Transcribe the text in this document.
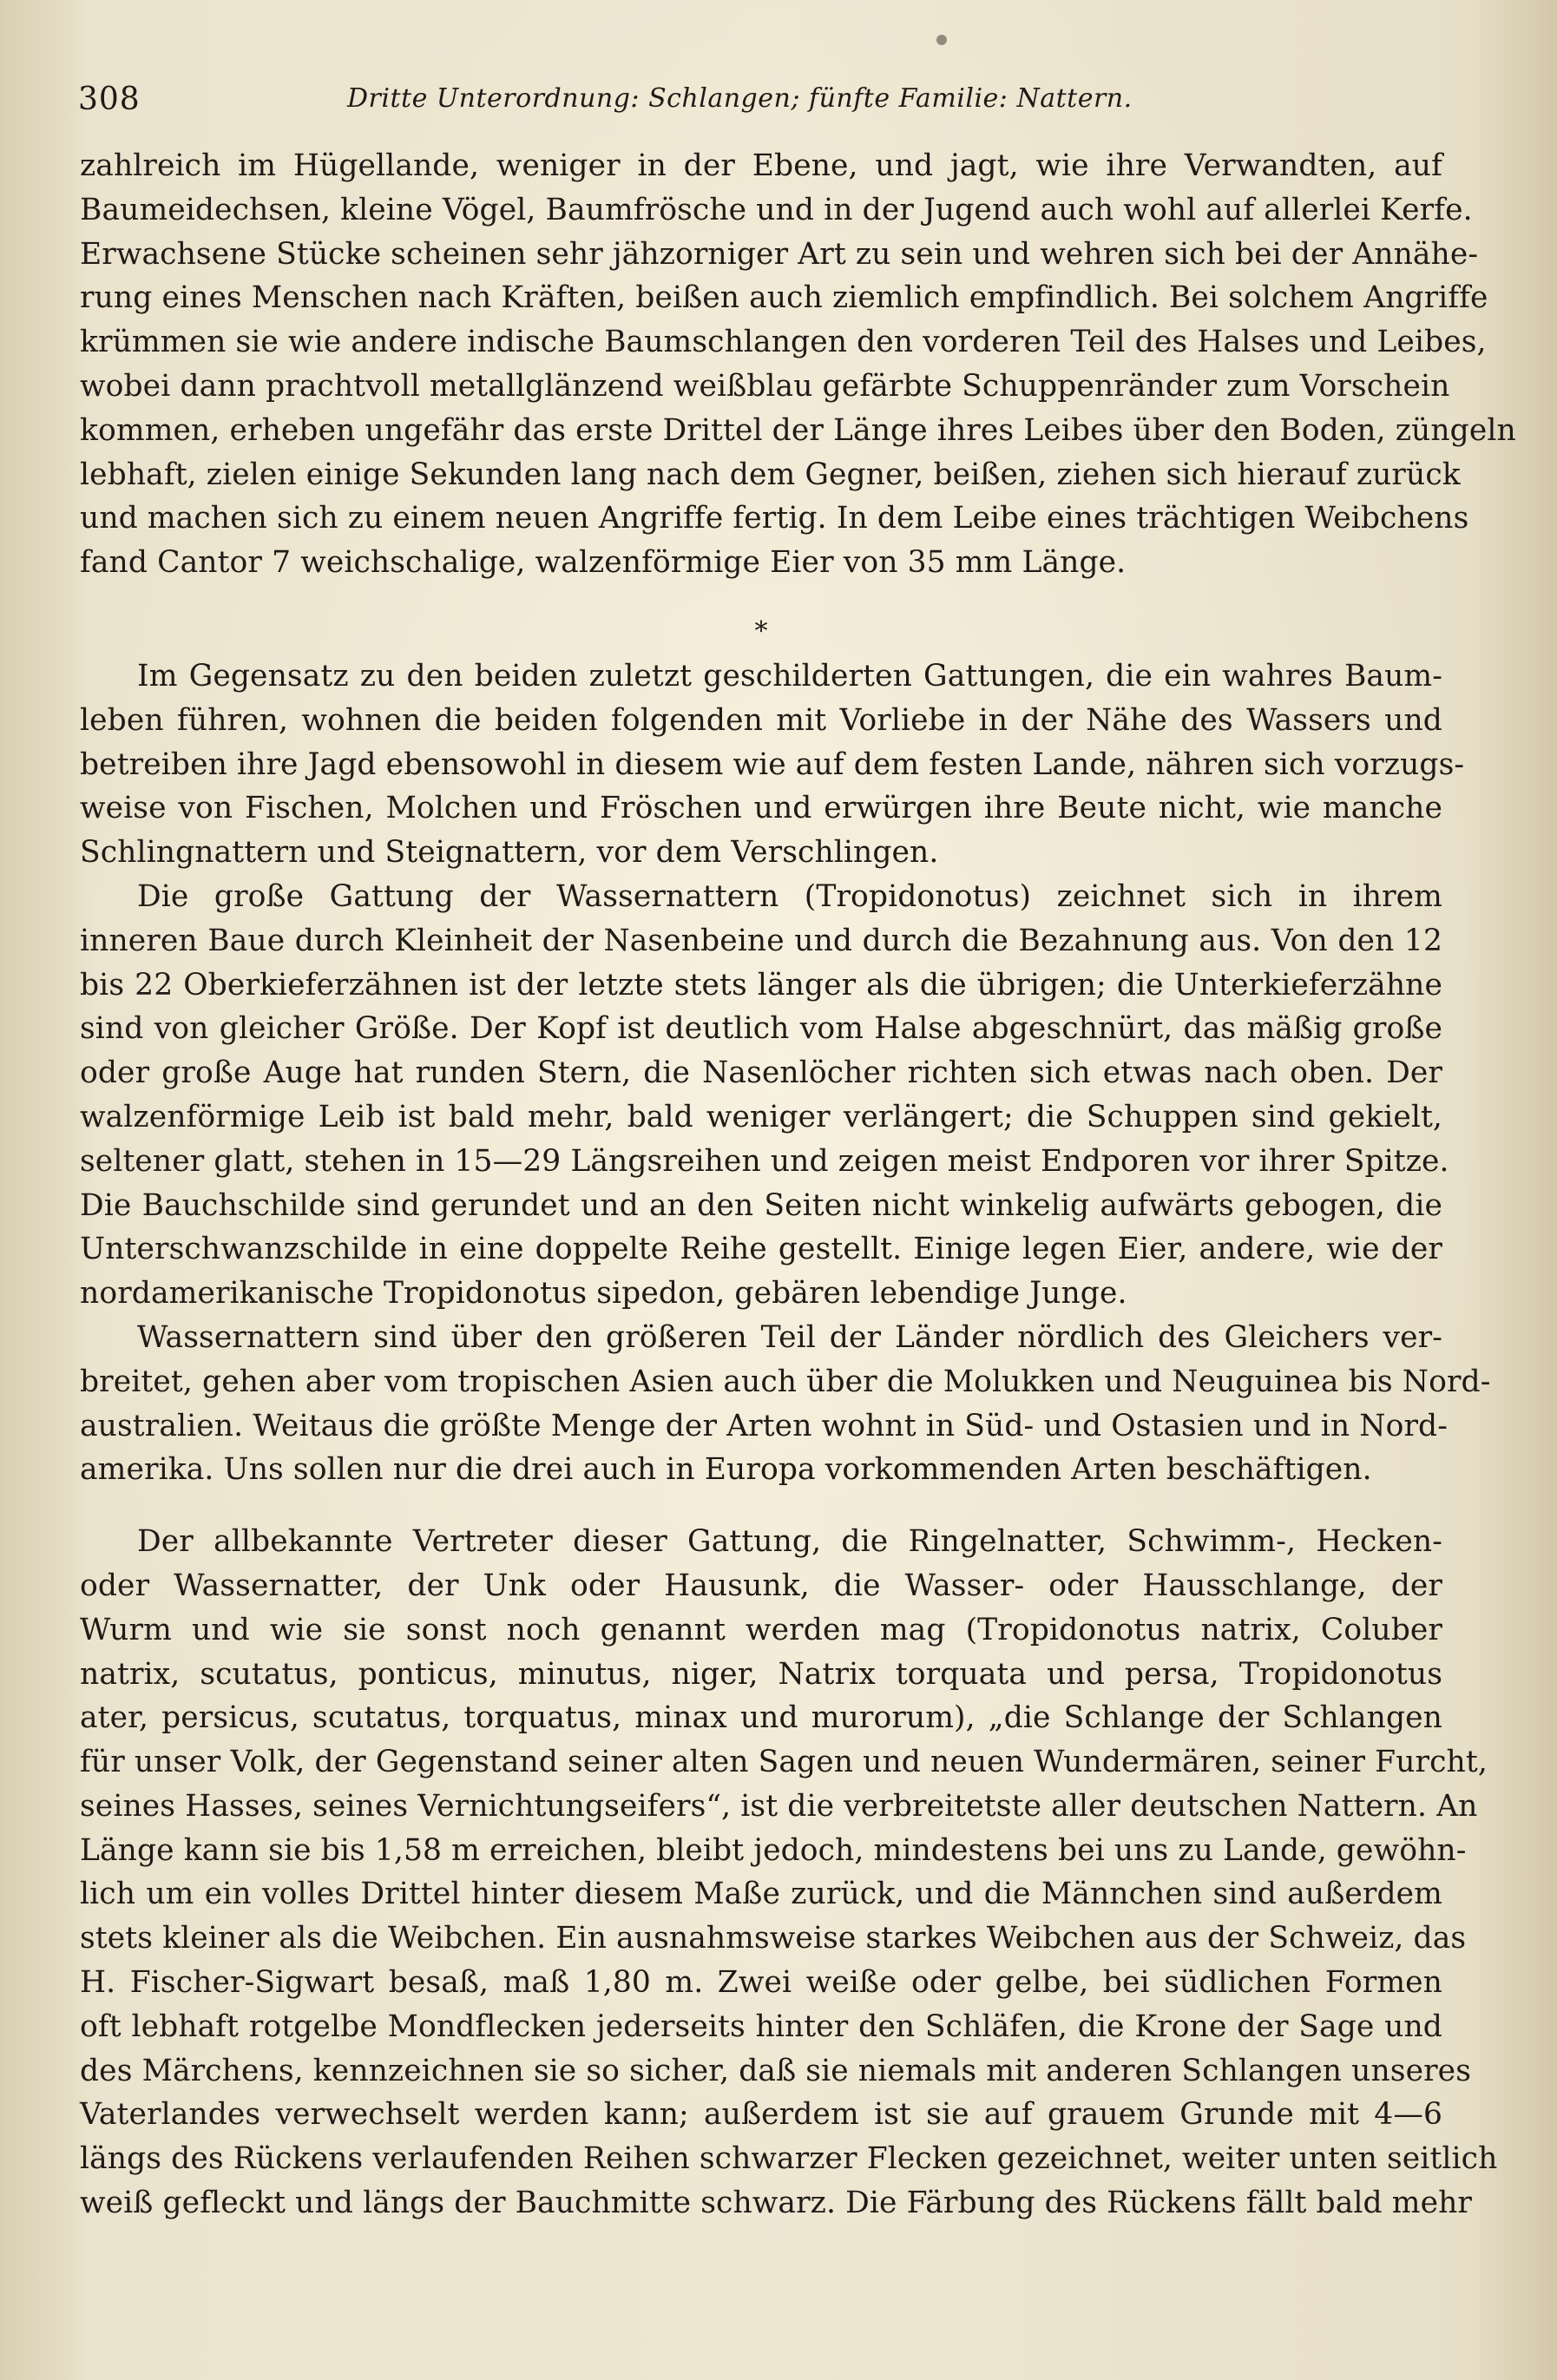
308	Dritte Unterordnung: Schlangen; fünfte Familie: Nattern.
zahlreich im Hügellande, weniger in der Ebene, und jagt, wie ihre Verwandten, auf
Baumeidechsen, kleine Vögel, Baumfrösche und in der Jugend auch wohl auf allerlei Kerfe.
Erwachsene Stücke scheinen sehr jähzorniger Art zu sein und wehren sich bei der Annähe-
rung eines Menschen nach Kräften, beißen auch ziemlich empfindlich. Bei solchem Angriffe
krümmen sie wie andere indische Baumschlangen den vorderen Teil des Halses und Leibes,
wobei dann prachtvoll metallglänzend weißblau gefärbte Schuppenränder zum Vorschein
kommen, erheben ungefähr das erste Drittel der Länge ihres Leibes über den Boden, züngeln
lebhaft, zielen einige Sekunden lang nach dem Gegner, beißen, ziehen sich hierauf zurück
und machen sich zu einem neuen Angriffe fertig. In dem Leibe eines trächtigen Weibchens
fand Cantor 7 weichschalige, walzenförmige Eier von 35 mm Länge.
*
Im Gegensatz zu den beiden zuletzt geschilderten Gattungen, die ein wahres Baum-
leben führen, wohnen die beiden folgenden mit Vorliebe in der Nähe des Wassers und
betreiben ihre Jagd ebensowohl in diesem wie auf dem festen Lande, nähren sich vorzugs-
weise von Fischen, Molchen und Fröschen und erwürgen ihre Beute nicht, wie manche
Schlingnattern und Steignattern, vor dem Verschlingen.
Die große Gattung der Wassernattern (Tropidonotus) zeichnet sich in ihrem
inneren Baue durch Kleinheit der Nasenbeine und durch die Bezahnung aus. Von den 12
bis 22 Oberkieferzähnen ist der letzte stets länger als die übrigen; die Unterkieferzähne
sind von gleicher Größe. Der Kopf ist deutlich vom Halse abgeschnürt, das mäßig große
oder große Auge hat runden Stern, die Nasenlöcher richten sich etwas nach oben. Der
walzenförmige Leib ist bald mehr, bald weniger verlängert; die Schuppen sind gekielt,
seltener glatt, stehen in 15—29 Längsreihen und zeigen meist Endporen vor ihrer Spitze.
Die Bauchschilde sind gerundet und an den Seiten nicht winkelig aufwärts gebogen, die
Unterschwanzschilde in eine doppelte Reihe gestellt. Einige legen Eier, andere, wie der
nordamerikanische Tropidonotus sipedon, gebären lebendige Junge.
Wassernattern sind über den größeren Teil der Länder nördlich des Gleichers ver-
breitet, gehen aber vom tropischen Asien auch über die Molukken und Neuguinea bis Nord-
australien. Weitaus die größte Menge der Arten wohnt in Süd- und Ostasien und in Nord-
amerika. Uns sollen nur die drei auch in Europa vorkommenden Arten beschäftigen.
Der allbekannte Vertreter dieser Gattung, die Ringelnatter, Schwimm-, Hecken-
oder Wassernatter, der Unk oder Hausunk, die Wasser- oder Hausschlange, der
Wurm und wie sie sonst noch genannt werden mag (Tropidonotus natrix, Coluber
natrix, scutatus, ponticus, minutus, niger, Natrix torquata und persa, Tropidonotus
ater, persicus, scutatus, torquatus, minax und murorum), „die Schlange der Schlangen
für unser Volk, der Gegenstand seiner alten Sagen und neuen Wundermären, seiner Furcht,
seines Hasses, seines Vernichtungseifers“, ist die verbreitetste aller deutschen Nattern. An
Länge kann sie bis 1,58 m erreichen, bleibt jedoch, mindestens bei uns zu Lande, gewöhn-
lich um ein volles Drittel hinter diesem Maße zurück, und die Männchen sind außerdem
stets kleiner als die Weibchen. Ein ausnahmsweise starkes Weibchen aus der Schweiz, das
H. Fischer-Sigwart besaß, maß 1,80 m. Zwei weiße oder gelbe, bei südlichen Formen
oft lebhaft rotgelbe Mondflecken jederseits hinter den Schläfen, die Krone der Sage und
des Märchens, kennzeichnen sie so sicher, daß sie niemals mit anderen Schlangen unseres
Vaterlandes verwechselt werden kann; außerdem ist sie auf grauem Grunde mit 4—6
längs des Rückens verlaufenden Reihen schwarzer Flecken gezeichnet, weiter unten seitlich
weiß gefleckt und längs der Bauchmitte schwarz. Die Färbung des Rückens fällt bald mehr
